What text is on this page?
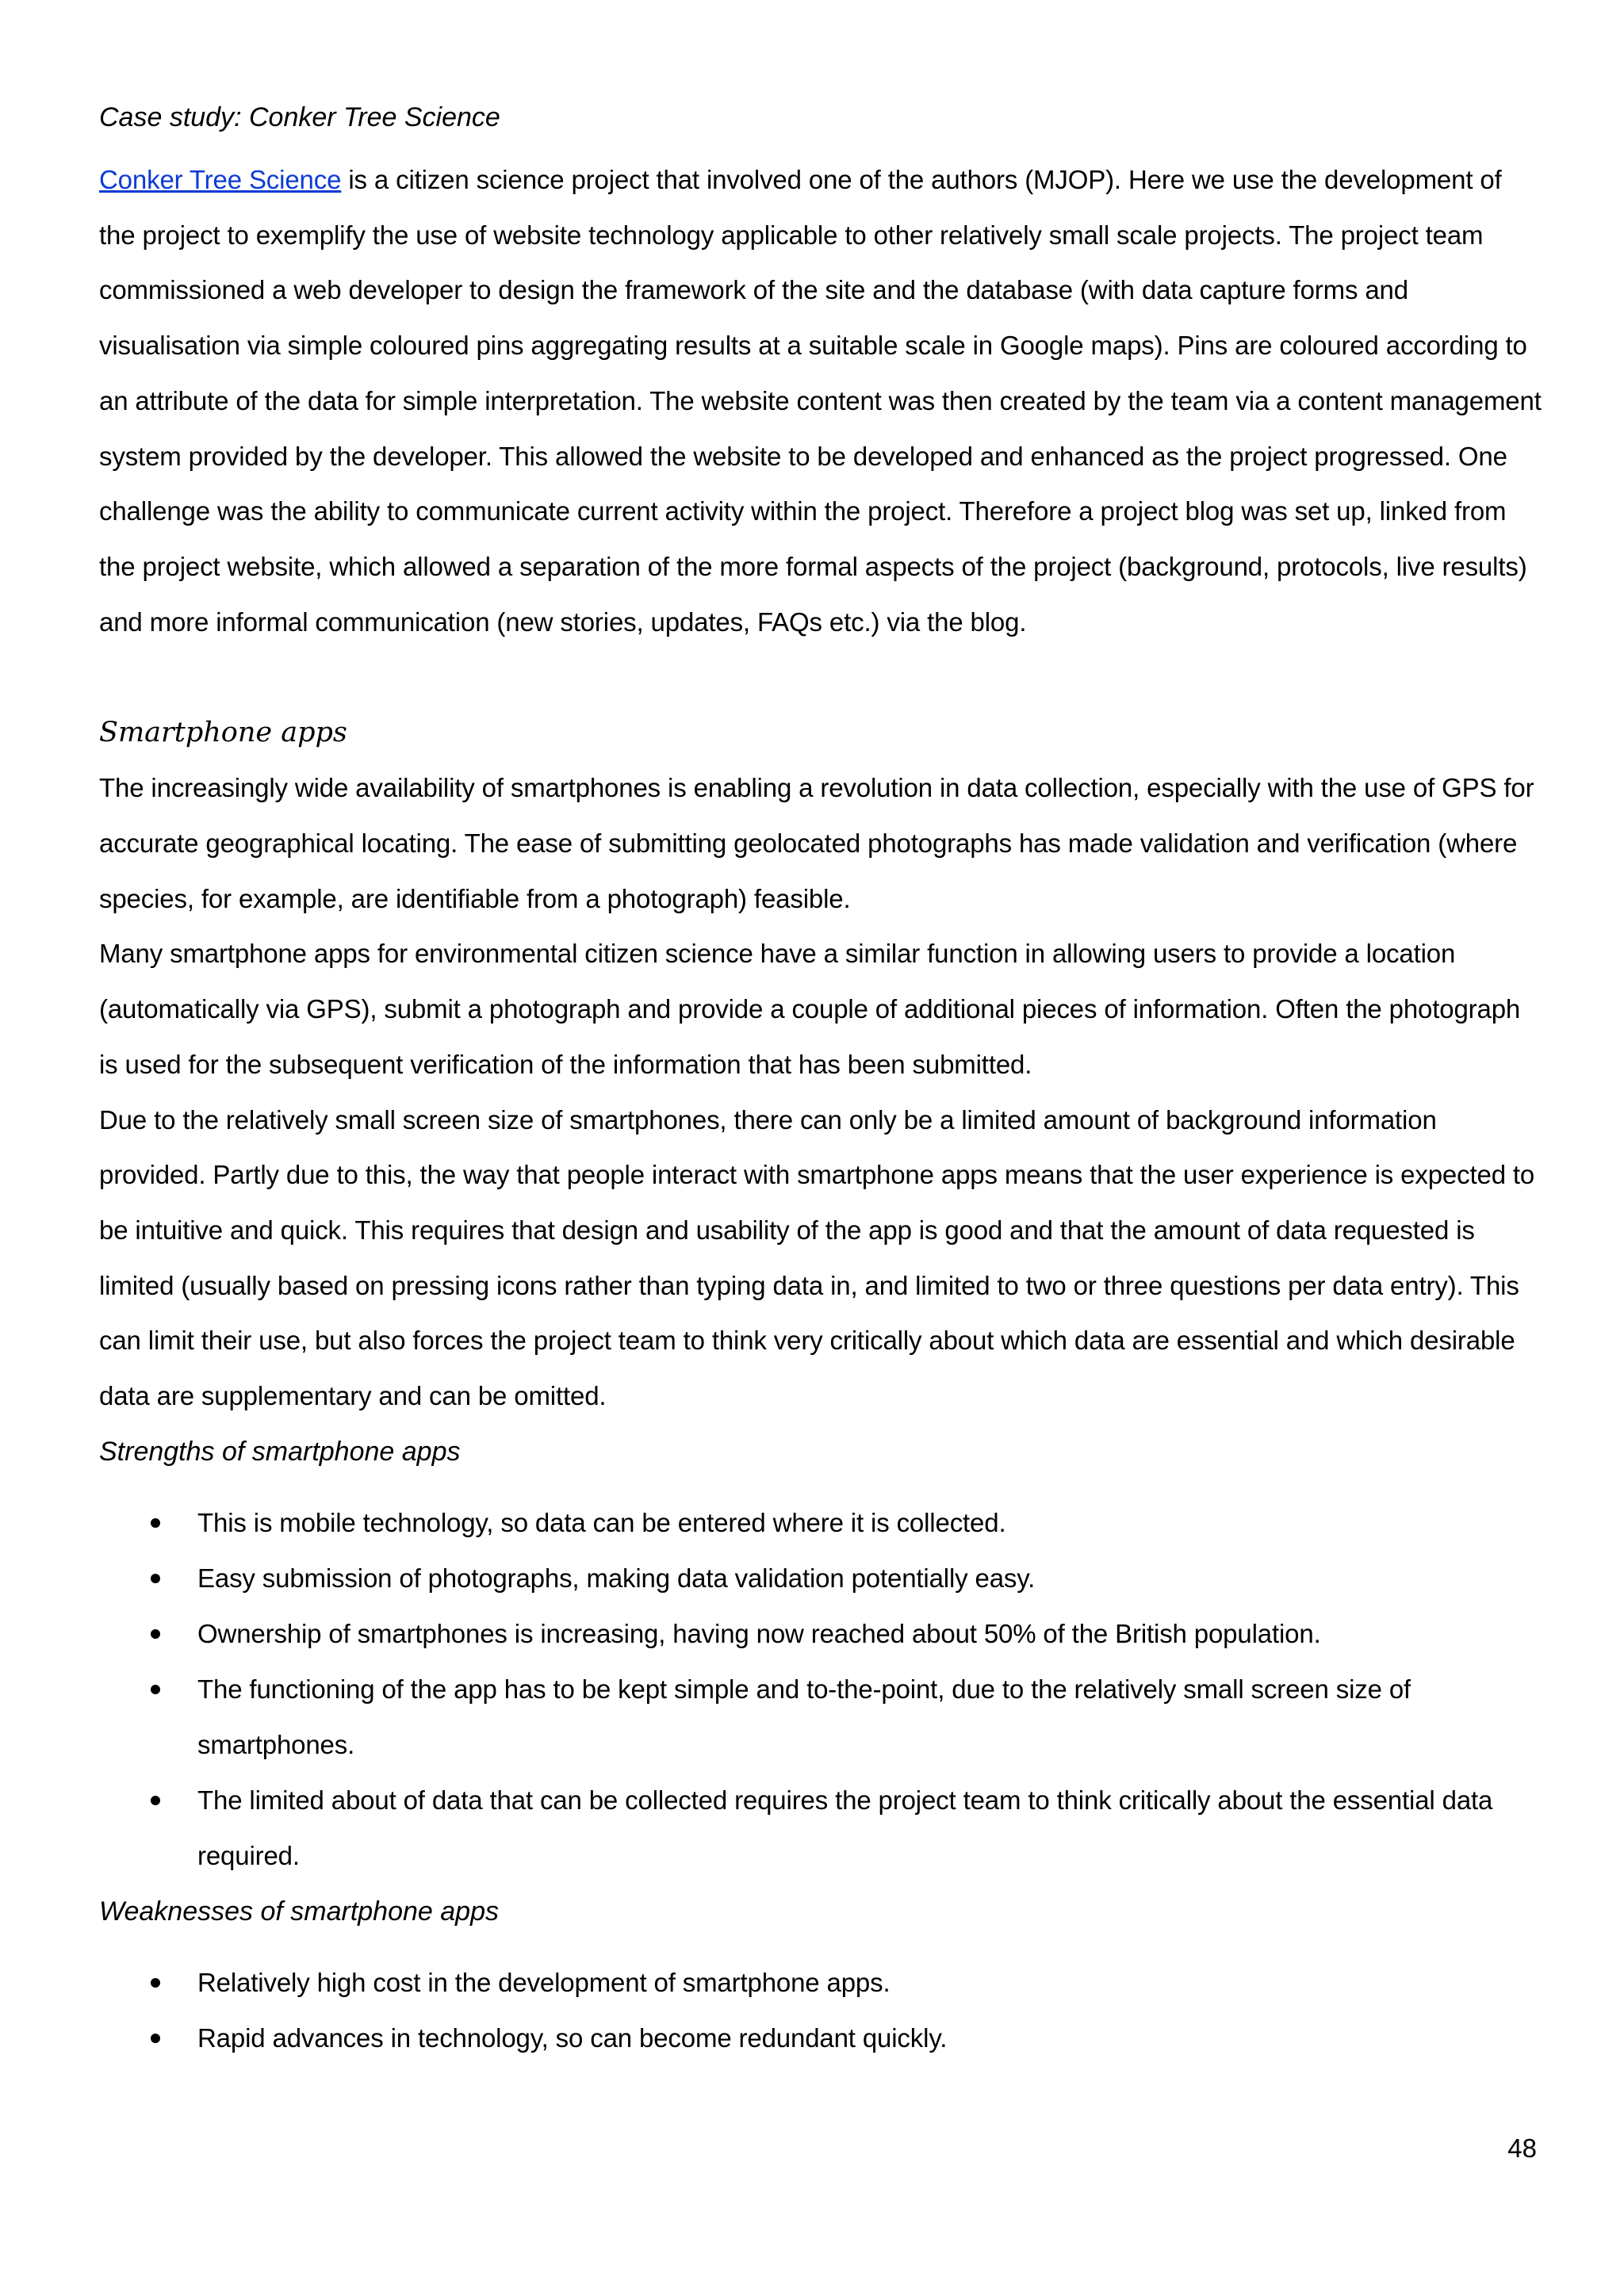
Case study: Conker Tree Science

Conker Tree Science is a citizen science project that involved one of the authors (MJOP). Here we use the development of the project to exemplify the use of website technology applicable to other relatively small scale projects. The project team commissioned a web developer to design the framework of the site and the database (with data capture forms and visualisation via simple coloured pins aggregating results at a suitable scale in Google maps). Pins are coloured according to an attribute of the data for simple interpretation. The website content was then created by the team via a content management system provided by the developer. This allowed the website to be developed and enhanced as the project progressed. One challenge was the ability to communicate current activity within the project. Therefore a project blog was set up, linked from the project website, which allowed a separation of the more formal aspects of the project (background, protocols, live results) and more informal communication (new stories, updates, FAQs etc.) via the blog.

Smartphone apps

The increasingly wide availability of smartphones is enabling a revolution in data collection, especially with the use of GPS for accurate geographical locating. The ease of submitting geolocated photographs has made validation and verification (where species, for example, are identifiable from a photograph) feasible.

Many smartphone apps for environmental citizen science have a similar function in allowing users to provide a location (automatically via GPS), submit a photograph and provide a couple of additional pieces of information. Often the photograph is used for the subsequent verification of the information that has been submitted.

Due to the relatively small screen size of smartphones, there can only be a limited amount of background information provided. Partly due to this, the way that people interact with smartphone apps means that the user experience is expected to be intuitive and quick. This requires that design and usability of the app is good and that the amount of data requested is limited (usually based on pressing icons rather than typing data in, and limited to two or three questions per data entry). This can limit their use, but also forces the project team to think very critically about which data are essential and which desirable data are supplementary and can be omitted.

Strengths of smartphone apps

This is mobile technology, so data can be entered where it is collected.
Easy submission of photographs, making data validation potentially easy.
Ownership of smartphones is increasing, having now reached about 50% of the British population.
The functioning of the app has to be kept simple and to-the-point, due to the relatively small screen size of smartphones.
The limited about of data that can be collected requires the project team to think critically about the essential data required.

Weaknesses of smartphone apps

Relatively high cost in the development of smartphone apps.
Rapid advances in technology, so can become redundant quickly.
48
